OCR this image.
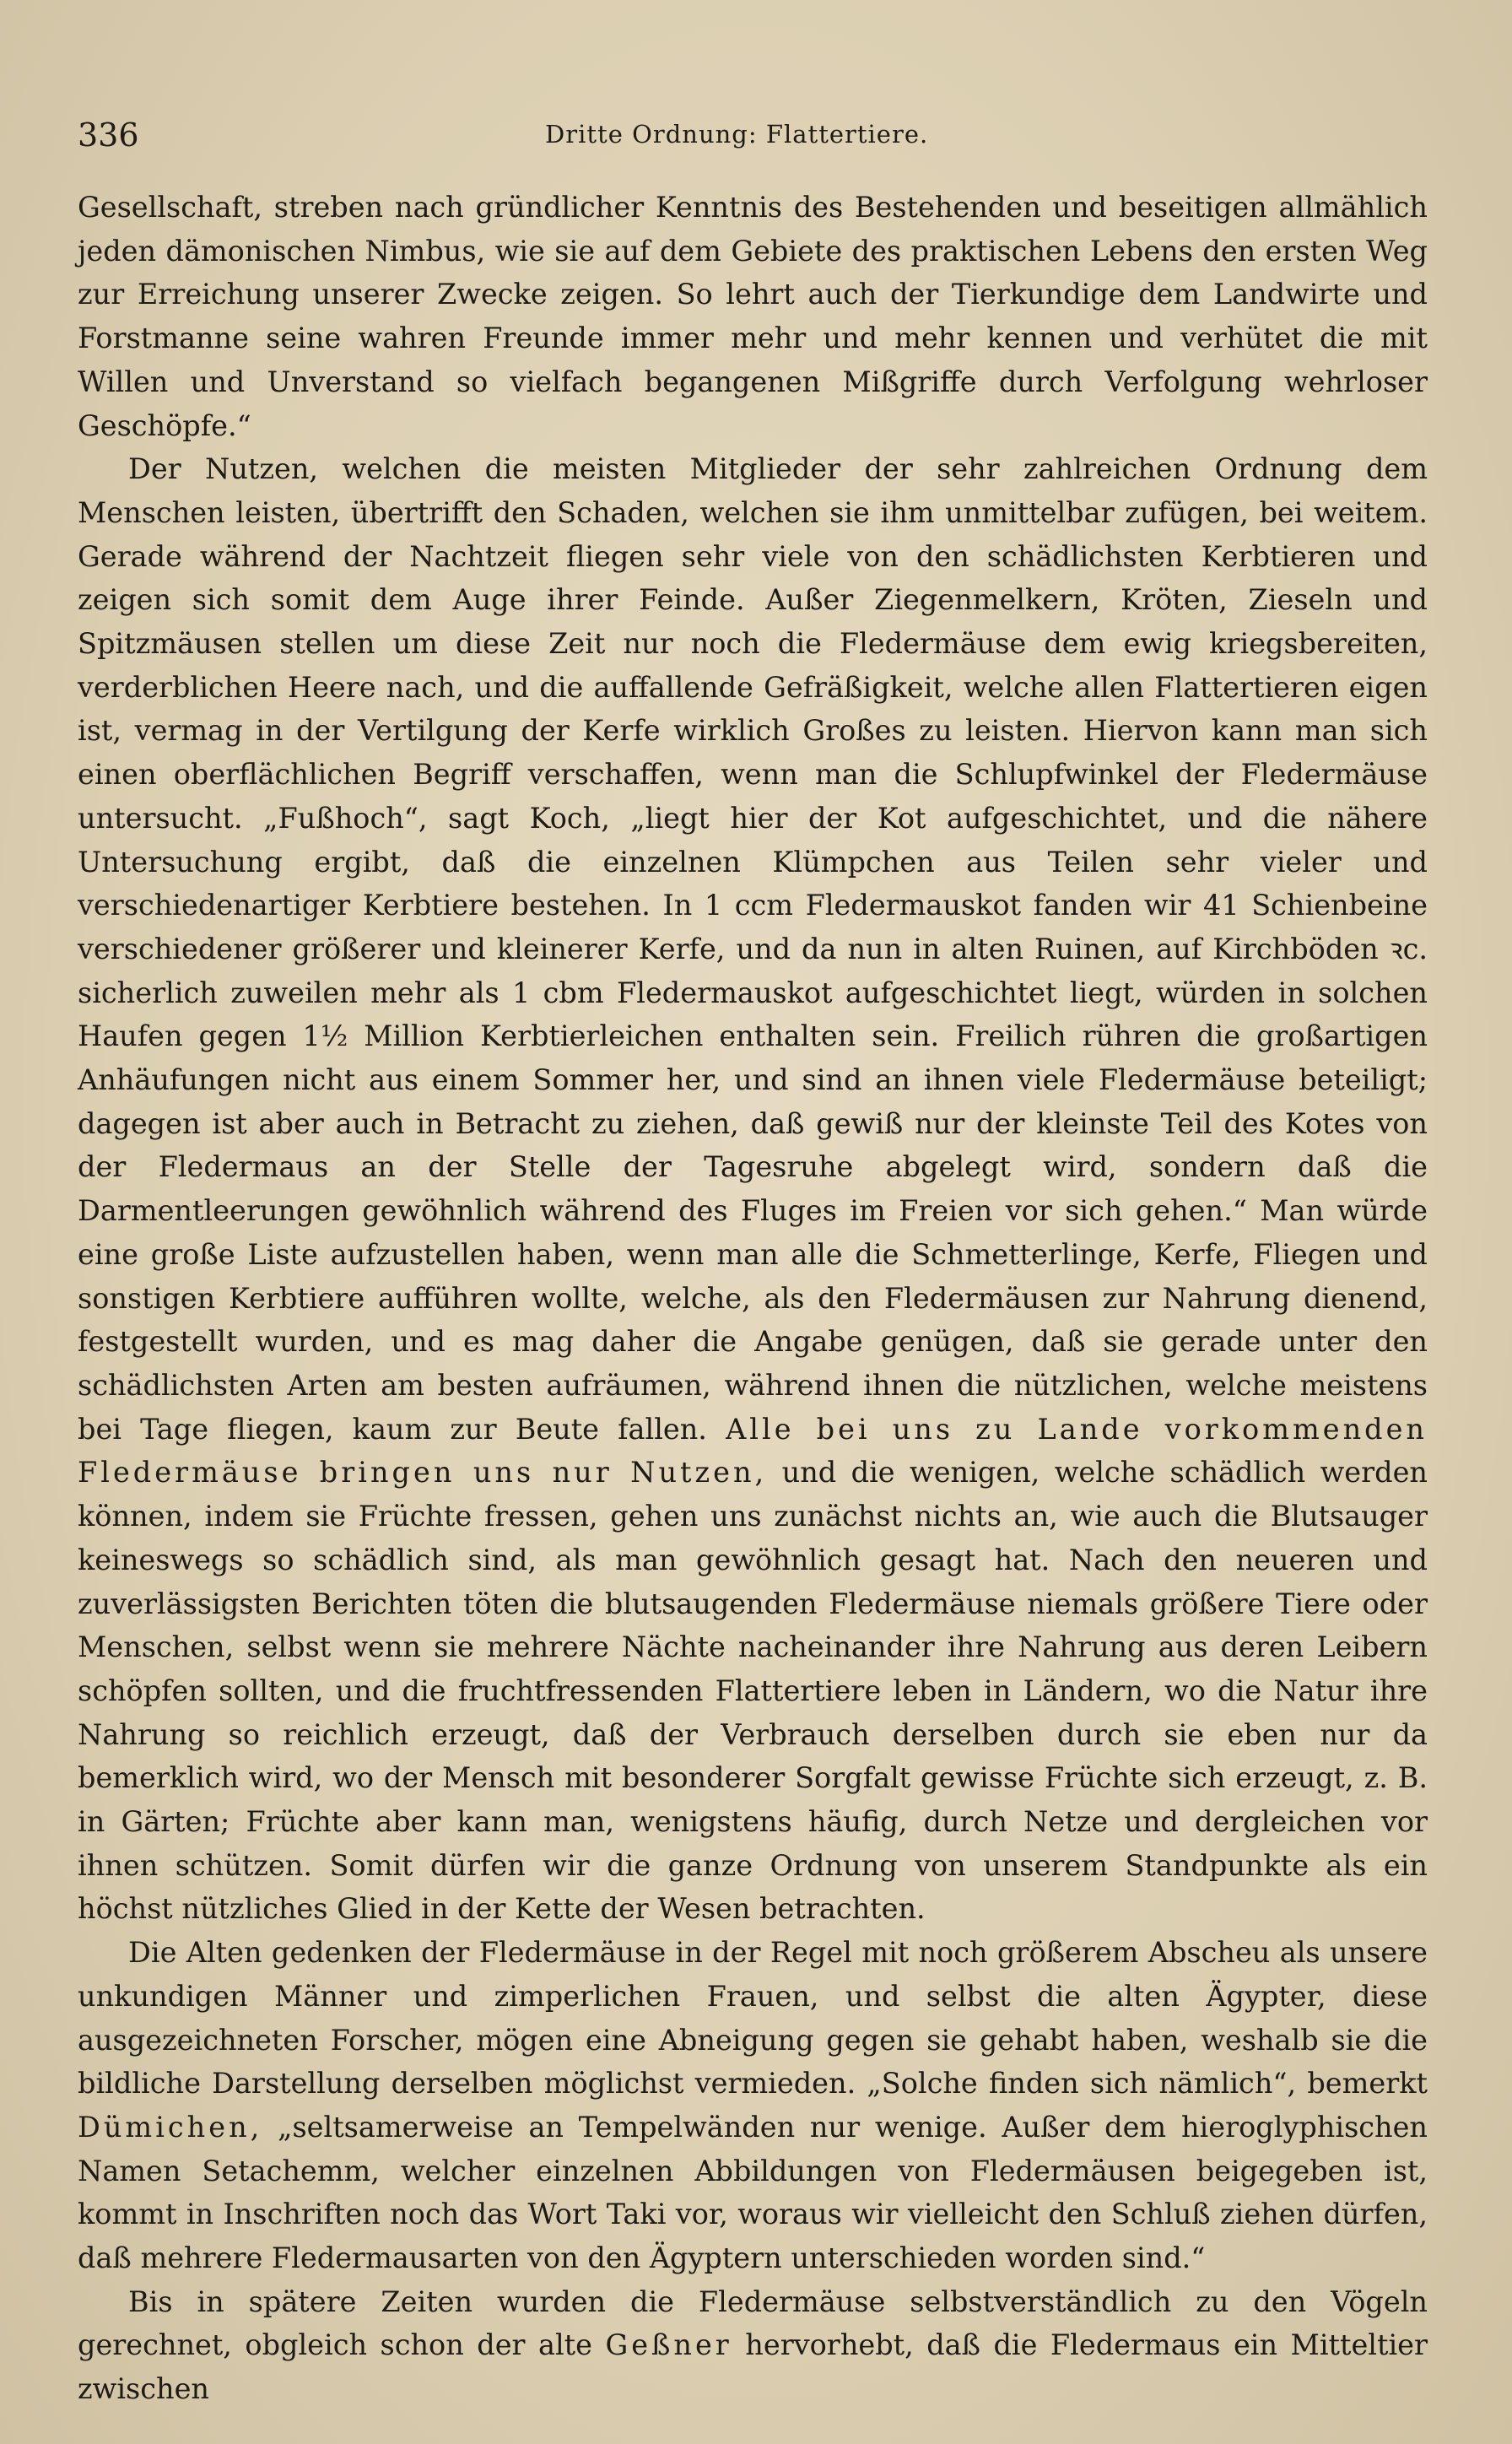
336	Dritte Ordnung: Flattertiere.

Gesellschaft, streben nach gründlicher Kenntnis des Bestehenden und beseitigen allmählich jeden dämonischen Nimbus, wie sie auf dem Gebiete des praktischen Lebens den ersten Weg zur Erreichung unserer Zwecke zeigen. So lehrt auch der Tierkundige dem Landwirte und Forstmanne seine wahren Freunde immer mehr und mehr kennen und verhütet die mit Willen und Unverstand so vielfach begangenen Mißgriffe durch Verfolgung wehrloser Geschöpfe.“

Der Nutzen, welchen die meisten Mitglieder der sehr zahlreichen Ordnung dem Menschen leisten, übertrifft den Schaden, welchen sie ihm unmittelbar zufügen, bei weitem. Gerade während der Nachtzeit fliegen sehr viele von den schädlichsten Kerbtieren und zeigen sich somit dem Auge ihrer Feinde. Außer Ziegenmelkern, Kröten, Zieseln und Spitzmäusen stellen um diese Zeit nur noch die Fledermäuse dem ewig kriegsbereiten, verderblichen Heere nach, und die auffallende Gefräßigkeit, welche allen Flattertieren eigen ist, vermag in der Vertilgung der Kerfe wirklich Großes zu leisten. Hiervon kann man sich einen oberflächlichen Begriff verschaffen, wenn man die Schlupfwinkel der Fledermäuse untersucht. „Fußhoch“, sagt Koch, „liegt hier der Kot aufgeschichtet, und die nähere Untersuchung ergibt, daß die einzelnen Klümpchen aus Teilen sehr vieler und verschiedenartiger Kerbtiere bestehen. In 1 ccm Fledermauskot fanden wir 41 Schienbeine verschiedener größerer und kleinerer Kerfe, und da nun in alten Ruinen, auf Kirchböden ꝛc. sicherlich zuweilen mehr als 1 cbm Fledermauskot aufgeschichtet liegt, würden in solchen Haufen gegen 1½ Million Kerbtierleichen enthalten sein. Freilich rühren die großartigen Anhäufungen nicht aus einem Sommer her, und sind an ihnen viele Fledermäuse beteiligt; dagegen ist aber auch in Betracht zu ziehen, daß gewiß nur der kleinste Teil des Kotes von der Fledermaus an der Stelle der Tagesruhe abgelegt wird, sondern daß die Darmentleerungen gewöhnlich während des Fluges im Freien vor sich gehen.“ Man würde eine große Liste aufzustellen haben, wenn man alle die Schmetterlinge, Kerfe, Fliegen und sonstigen Kerbtiere aufführen wollte, welche, als den Fledermäusen zur Nahrung dienend, festgestellt wurden, und es mag daher die Angabe genügen, daß sie gerade unter den schädlichsten Arten am besten aufräumen, während ihnen die nützlichen, welche meistens bei Tage fliegen, kaum zur Beute fallen. Alle bei uns zu Lande vorkommenden Fledermäuse bringen uns nur Nutzen, und die wenigen, welche schädlich werden können, indem sie Früchte fressen, gehen uns zunächst nichts an, wie auch die Blutsauger keineswegs so schädlich sind, als man gewöhnlich gesagt hat. Nach den neueren und zuverlässigsten Berichten töten die blutsaugenden Fledermäuse niemals größere Tiere oder Menschen, selbst wenn sie mehrere Nächte nacheinander ihre Nahrung aus deren Leibern schöpfen sollten, und die fruchtfressenden Flattertiere leben in Ländern, wo die Natur ihre Nahrung so reichlich erzeugt, daß der Verbrauch derselben durch sie eben nur da bemerklich wird, wo der Mensch mit besonderer Sorgfalt gewisse Früchte sich erzeugt, z. B. in Gärten; Früchte aber kann man, wenigstens häufig, durch Netze und dergleichen vor ihnen schützen. Somit dürfen wir die ganze Ordnung von unserem Standpunkte als ein höchst nützliches Glied in der Kette der Wesen betrachten.

Die Alten gedenken der Fledermäuse in der Regel mit noch größerem Abscheu als unsere unkundigen Männer und zimperlichen Frauen, und selbst die alten Ägypter, diese ausgezeichneten Forscher, mögen eine Abneigung gegen sie gehabt haben, weshalb sie die bildliche Darstellung derselben möglichst vermieden. „Solche finden sich nämlich“, bemerkt Dümichen, „seltsamerweise an Tempelwänden nur wenige. Außer dem hieroglyphischen Namen Setachemm, welcher einzelnen Abbildungen von Fledermäusen beigegeben ist, kommt in Inschriften noch das Wort Taki vor, woraus wir vielleicht den Schluß ziehen dürfen, daß mehrere Fledermausarten von den Ägyptern unterschieden worden sind.“

Bis in spätere Zeiten wurden die Fledermäuse selbstverständlich zu den Vögeln gerechnet, obgleich schon der alte Geßner hervorhebt, daß die Fledermaus ein Mitteltier zwischen
